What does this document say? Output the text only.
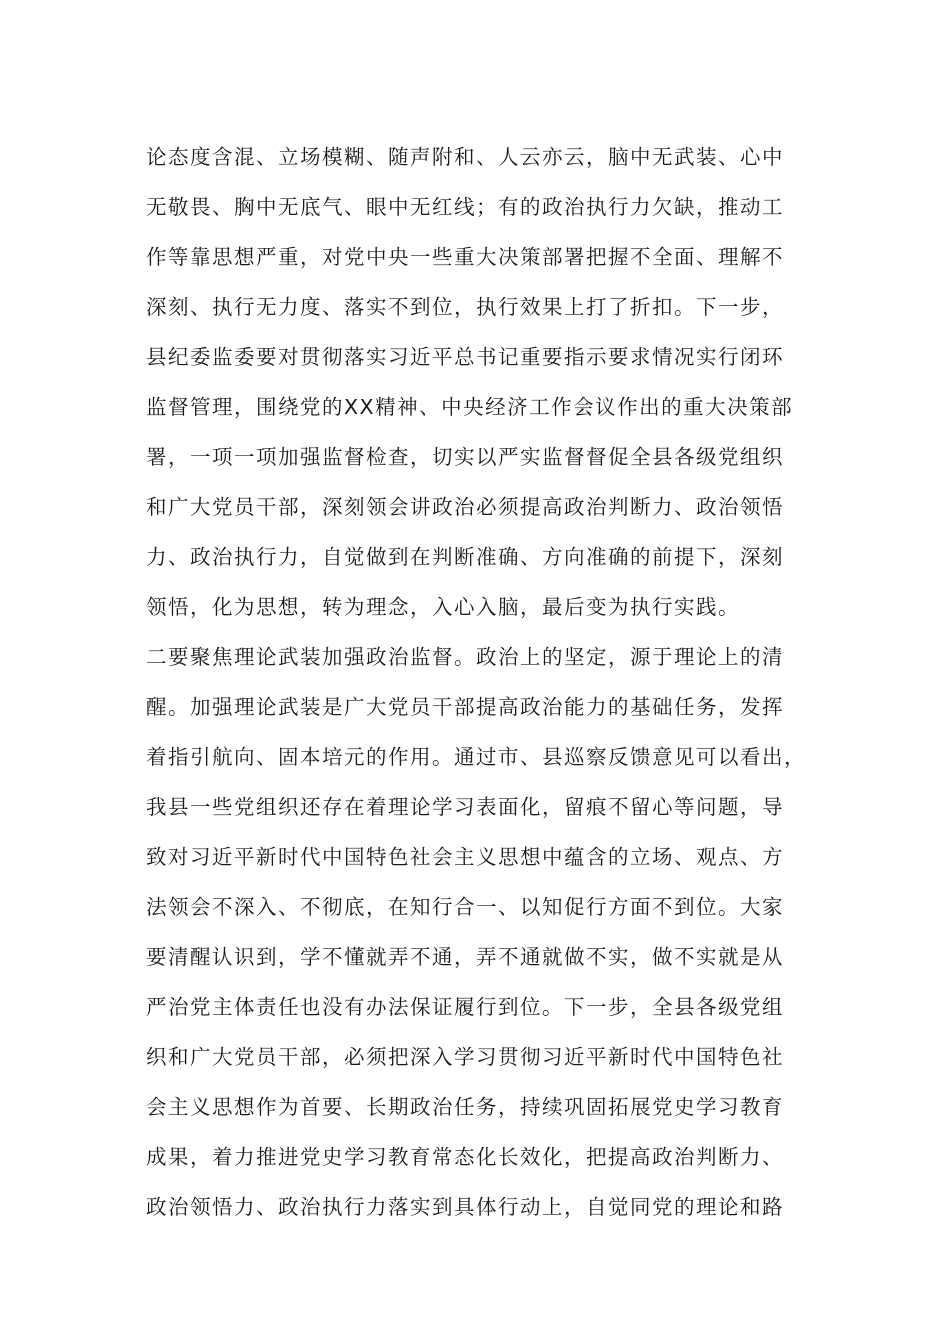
论态度含混、立场模糊、随声附和、人云亦云，脑中无武装、心中
无敬畏、胸中无底气、眼中无红线；有的政治执行力欠缺，推动工
作等靠思想严重，对党中央一些重大决策部署把握不全面、理解不
深刻、执行无力度、落实不到位，执行效果上打了折扣。下一步，
县纪委监委要对贯彻落实习近平总书记重要指示要求情况实行闭环
监督管理，围绕党的XX精神、中央经济工作会议作出的重大决策部
署，一项一项加强监督检查，切实以严实监督督促全县各级党组织
和广大党员干部，深刻领会讲政治必须提高政治判断力、政治领悟
力、政治执行力，自觉做到在判断准确、方向准确的前提下，深刻
领悟，化为思想，转为理念，入心入脑，最后变为执行实践。
二要聚焦理论武装加强政治监督。政治上的坚定，源于理论上的清
醒。加强理论武装是广大党员干部提高政治能力的基础任务，发挥
着指引航向、固本培元的作用。通过市、县巡察反馈意见可以看出，
我县一些党组织还存在着理论学习表面化，留痕不留心等问题，导
致对习近平新时代中国特色社会主义思想中蕴含的立场、观点、方
法领会不深入、不彻底，在知行合一、以知促行方面不到位。大家
要清醒认识到，学不懂就弄不通，弄不通就做不实，做不实就是从
严治党主体责任也没有办法保证履行到位。下一步，全县各级党组
织和广大党员干部，必须把深入学习贯彻习近平新时代中国特色社
会主义思想作为首要、长期政治任务，持续巩固拓展党史学习教育
成果，着力推进党史学习教育常态化长效化，把提高政治判断力、
政治领悟力、政治执行力落实到具体行动上，自觉同党的理论和路
